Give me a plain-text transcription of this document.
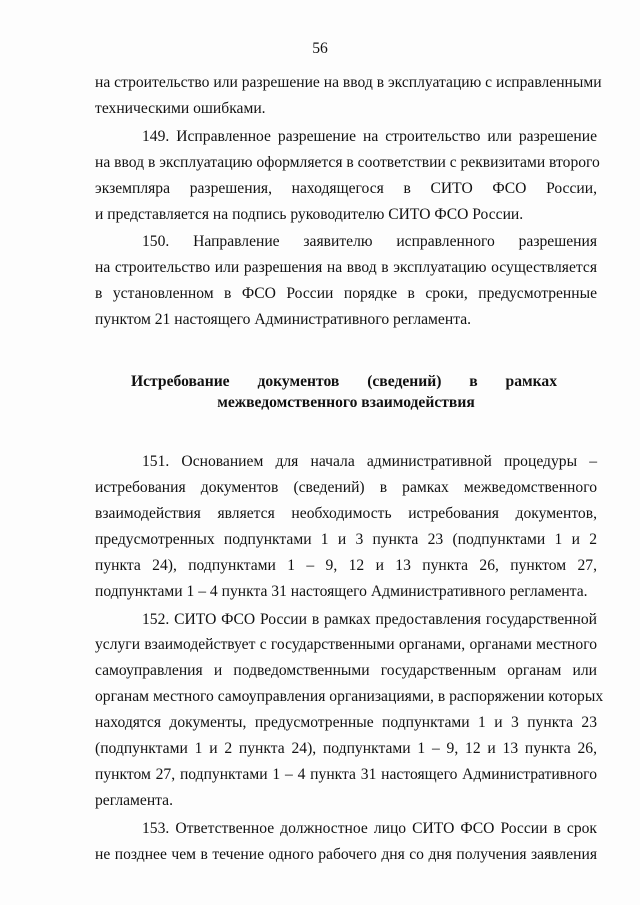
56

на строительство или разрешение на ввод в эксплуатацию с исправленными
техническими ошибками.

149. Исправленное разрешение на строительство или разрешение
на ввод в эксплуатацию оформляется в соответствии с реквизитами второго
экземпляра разрешения, находящегося в СИТО ФСО России,
и представляется на подпись руководителю СИТО ФСО России.

150. Направление заявителю исправленного разрешения
на строительство или разрешения на ввод в эксплуатацию осуществляется
в установленном в ФСО России порядке в сроки, предусмотренные
пунктом 21 настоящего Административного регламента.

Истребование документов (сведений) в рамках
межведомственного взаимодействия

151. Основанием для начала административной процедуры –
истребования документов (сведений) в рамках межведомственного
взаимодействия является необходимость истребования документов,
предусмотренных подпунктами 1 и 3 пункта 23 (подпунктами 1 и 2
пункта 24), подпунктами 1 – 9, 12 и 13 пункта 26, пунктом 27,
подпунктами 1 – 4 пункта 31 настоящего Административного регламента.

152. СИТО ФСО России в рамках предоставления государственной
услуги взаимодействует с государственными органами, органами местного
самоуправления и подведомственными государственным органам или
органам местного самоуправления организациями, в распоряжении которых
находятся документы, предусмотренные подпунктами 1 и 3 пункта 23
(подпунктами 1 и 2 пункта 24), подпунктами 1 – 9, 12 и 13 пункта 26,
пунктом 27, подпунктами 1 – 4 пункта 31 настоящего Административного
регламента.

153. Ответственное должностное лицо СИТО ФСО России в срок
не позднее чем в течение одного рабочего дня со дня получения заявления
